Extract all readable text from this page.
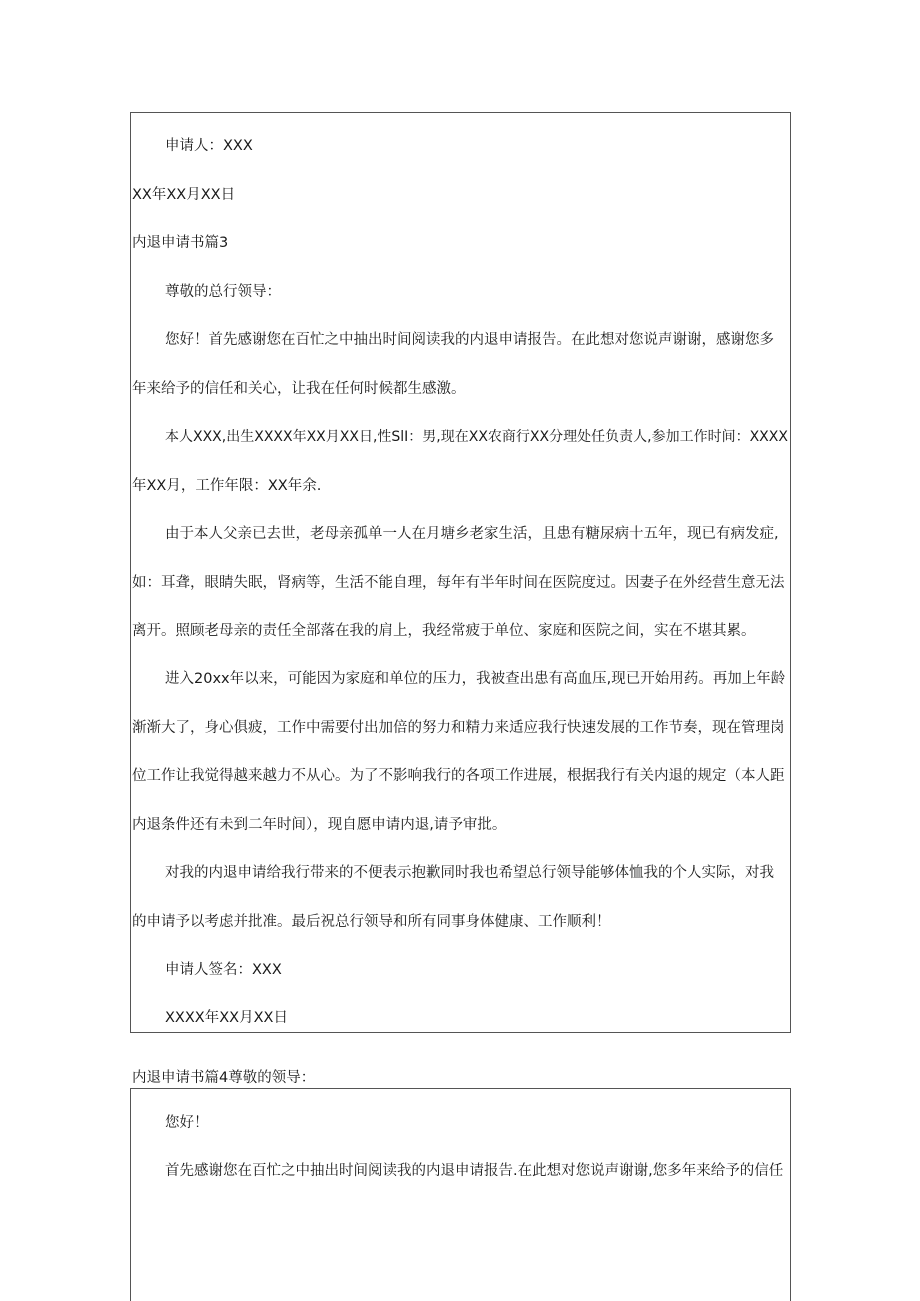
申请人：XXX

XX年XX月XX日

内退申请书篇3

尊敬的总行领导：

您好！首先感谢您在百忙之中抽出时间阅读我的内退申请报告。在此想对您说声谢谢，感谢您多

年来给予的信任和关心，让我在任何时候都生感激。

本人XXX,出生XXXX年XX月XX日,性SlI：男,现在XX农商行XX分理处任负责人,参加工作时间：XXXX

年XX月，工作年限：XX年余.

由于本人父亲已去世，老母亲孤单一人在月塘乡老家生活，且患有糖尿病十五年，现已有病发症,

如：耳聋，眼睛失眠，肾病等，生活不能自理，每年有半年时间在医院度过。因妻子在外经营生意无法

离开。照顾老母亲的责任全部落在我的肩上，我经常疲于单位、家庭和医院之间，实在不堪其累。

进入20xx年以来，可能因为家庭和单位的压力，我被查出患有高血压,现已开始用药。再加上年龄

渐渐大了，身心俱疲，工作中需要付出加倍的努力和精力来适应我行快速发展的工作节奏，现在管理岗

位工作让我觉得越来越力不从心。为了不影响我行的各项工作进展，根据我行有关内退的规定（本人距

内退条件还有未到二年时间），现自愿申请内退,请予审批。

对我的内退申请给我行带来的不便表示抱歉同时我也希望总行领导能够体恤我的个人实际，对我

的申请予以考虑并批准。最后祝总行领导和所有同事身体健康、工作顺利！

申请人签名：XXX

XXXX年XX月XX日

内退申请书篇4尊敬的领导：

您好！

首先感谢您在百忙之中抽出时间阅读我的内退申请报告.在此想对您说声谢谢,您多年来给予的信任
